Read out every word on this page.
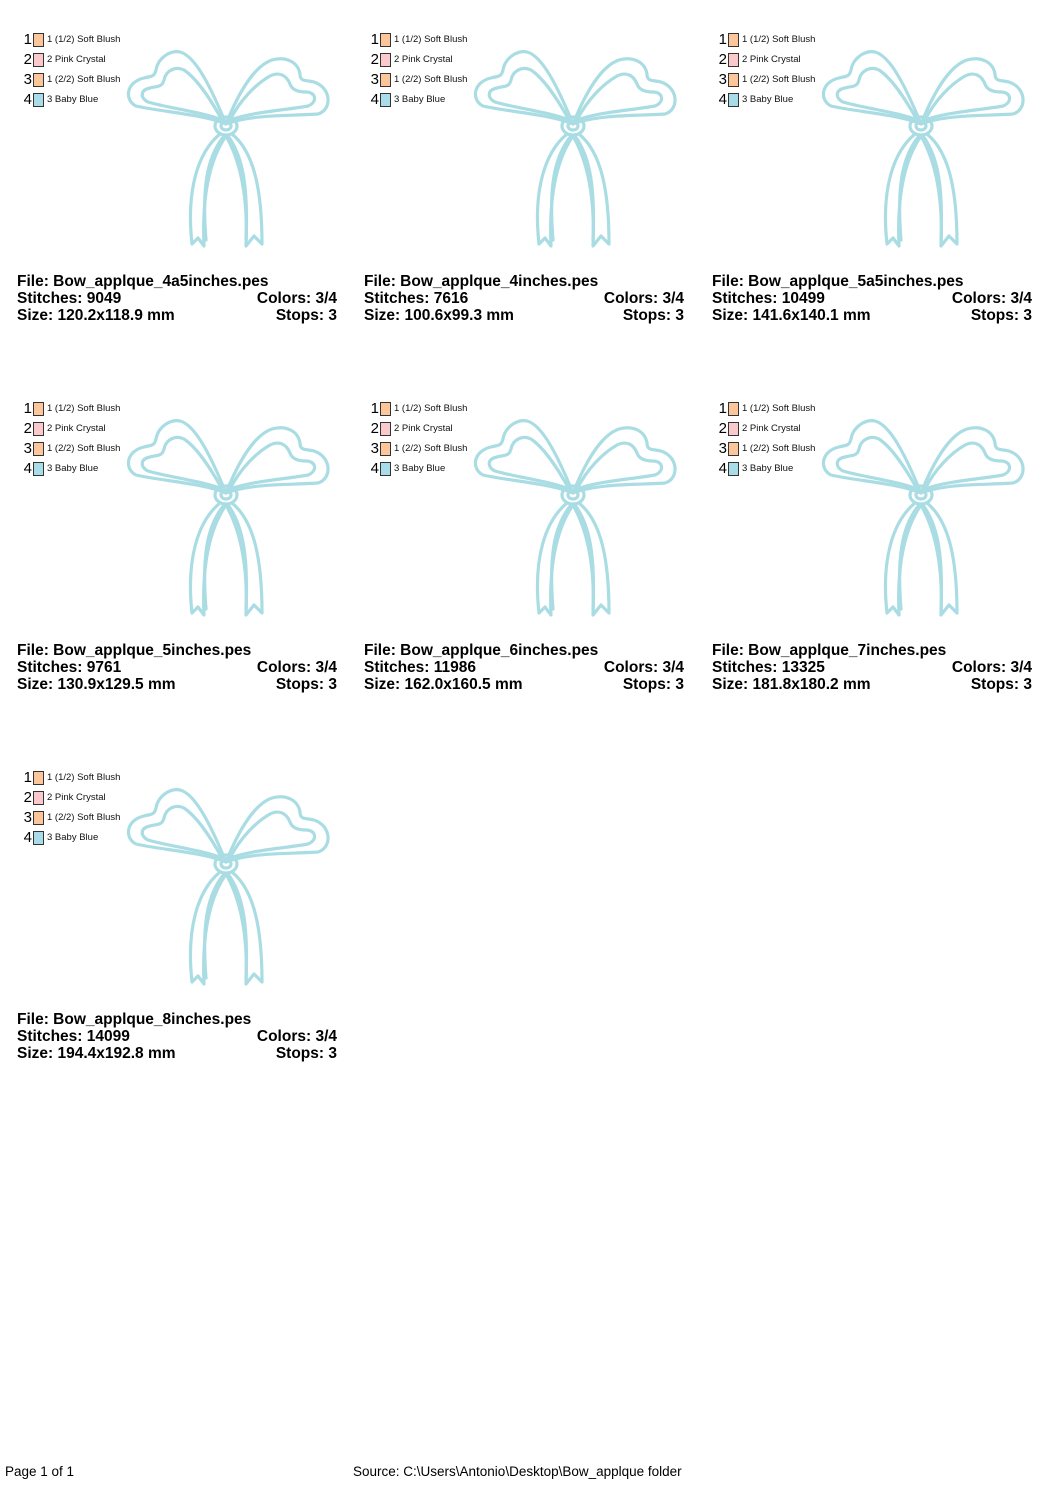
1 1 (1/2) Soft Blush
2 2 Pink Crystal
3 1 (2/2) Soft Blush
4 3 Baby Blue
File: Bow_applque_4a5inches.pes
Stitches: 9049	Colors: 3/4
Size: 120.2x118.9 mm	Stops: 3
1 1 (1/2) Soft Blush
2 2 Pink Crystal
3 1 (2/2) Soft Blush
4 3 Baby Blue
File: Bow_applque_4inches.pes
Stitches: 7616	Colors: 3/4
Size: 100.6x99.3 mm	Stops: 3
1 1 (1/2) Soft Blush
2 2 Pink Crystal
3 1 (2/2) Soft Blush
4 3 Baby Blue
File: Bow_applque_5a5inches.pes
Stitches: 10499	Colors: 3/4
Size: 141.6x140.1 mm	Stops: 3
1 1 (1/2) Soft Blush
2 2 Pink Crystal
3 1 (2/2) Soft Blush
4 3 Baby Blue
File: Bow_applque_5inches.pes
Stitches: 9761	Colors: 3/4
Size: 130.9x129.5 mm	Stops: 3
1 1 (1/2) Soft Blush
2 2 Pink Crystal
3 1 (2/2) Soft Blush
4 3 Baby Blue
File: Bow_applque_6inches.pes
Stitches: 11986	Colors: 3/4
Size: 162.0x160.5 mm	Stops: 3
1 1 (1/2) Soft Blush
2 2 Pink Crystal
3 1 (2/2) Soft Blush
4 3 Baby Blue
File: Bow_applque_7inches.pes
Stitches: 13325	Colors: 3/4
Size: 181.8x180.2 mm	Stops: 3
1 1 (1/2) Soft Blush
2 2 Pink Crystal
3 1 (2/2) Soft Blush
4 3 Baby Blue
File: Bow_applque_8inches.pes
Stitches: 14099	Colors: 3/4
Size: 194.4x192.8 mm	Stops: 3
Page 1 of 1	Source: C:\Users\Antonio\Desktop\Bow_applque folder
